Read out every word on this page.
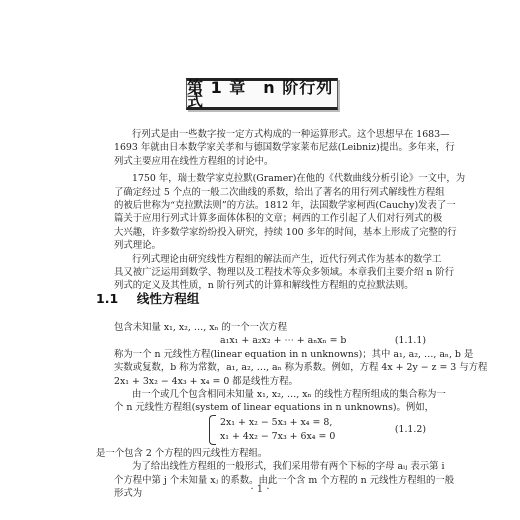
第 1 章　n 阶行列式
行列式是由一些数字按一定方式构成的一种运算形式。这个思想早在 1683—
1693 年就由日本数学家关孝和与德国数学家莱布尼兹(Leibniz)提出。多年来，行
列式主要应用在线性方程组的讨论中。
1750 年，瑞士数学家克拉默(Gramer)在他的《代数曲线分析引论》一文中，为
了确定经过 5 个点的一般二次曲线的系数，给出了著名的用行列式解线性方程组
的被后世称为“克拉默法则”的方法。1812 年，法国数学家柯西(Cauchy)发表了一
篇关于应用行列式计算多面体体积的文章；柯西的工作引起了人们对行列式的极
大兴趣，许多数学家纷纷投入研究，持续 100 多年的时间，基本上形成了完整的行
列式理论。
行列式理论由研究线性方程组的解法而产生，近代行列式作为基本的数学工
具又被广泛运用到数学、物理以及工程技术等众多领域。本章我们主要介绍 n 阶行
列式的定义及其性质，n 阶行列式的计算和解线性方程组的克拉默法则。
1.1 线性方程组
包含未知量 x₁, x₂, …, xₙ 的一个一次方程
a₁x₁ + a₂x₂ + ⋯ + aₙxₙ = b	(1.1.1)
称为一个 n 元线性方程(linear equation in n unknowns)；其中 a₁, a₂, …, aₙ, b 是
实数或复数，b 称为常数，a₁, a₂, …, aₙ 称为系数。例如，方程 4x + 2y − z = 3 与方程
2x₁ + 3x₂ − 4x₃ + x₄ = 0 都是线性方程。
由一个或几个包含相同未知量 x₁, x₂, …, xₙ 的线性方程所组成的集合称为一
个 n 元线性方程组(system of linear equations in n unknowns)。例如，
2x₁ + x₂ − 5x₃ + x₄ = 8,
x₁ + 4x₂ − 7x₃ + 6x₄ = 0
(1.1.2)
是一个包含 2 个方程的四元线性方程组。
为了给出线性方程组的一般形式，我们采用带有两个下标的字母 aᵢⱼ 表示第 i
个方程中第 j 个未知量 xⱼ 的系数。由此一个含 m 个方程的 n 元线性方程组的一般
形式为	· 1 ·
